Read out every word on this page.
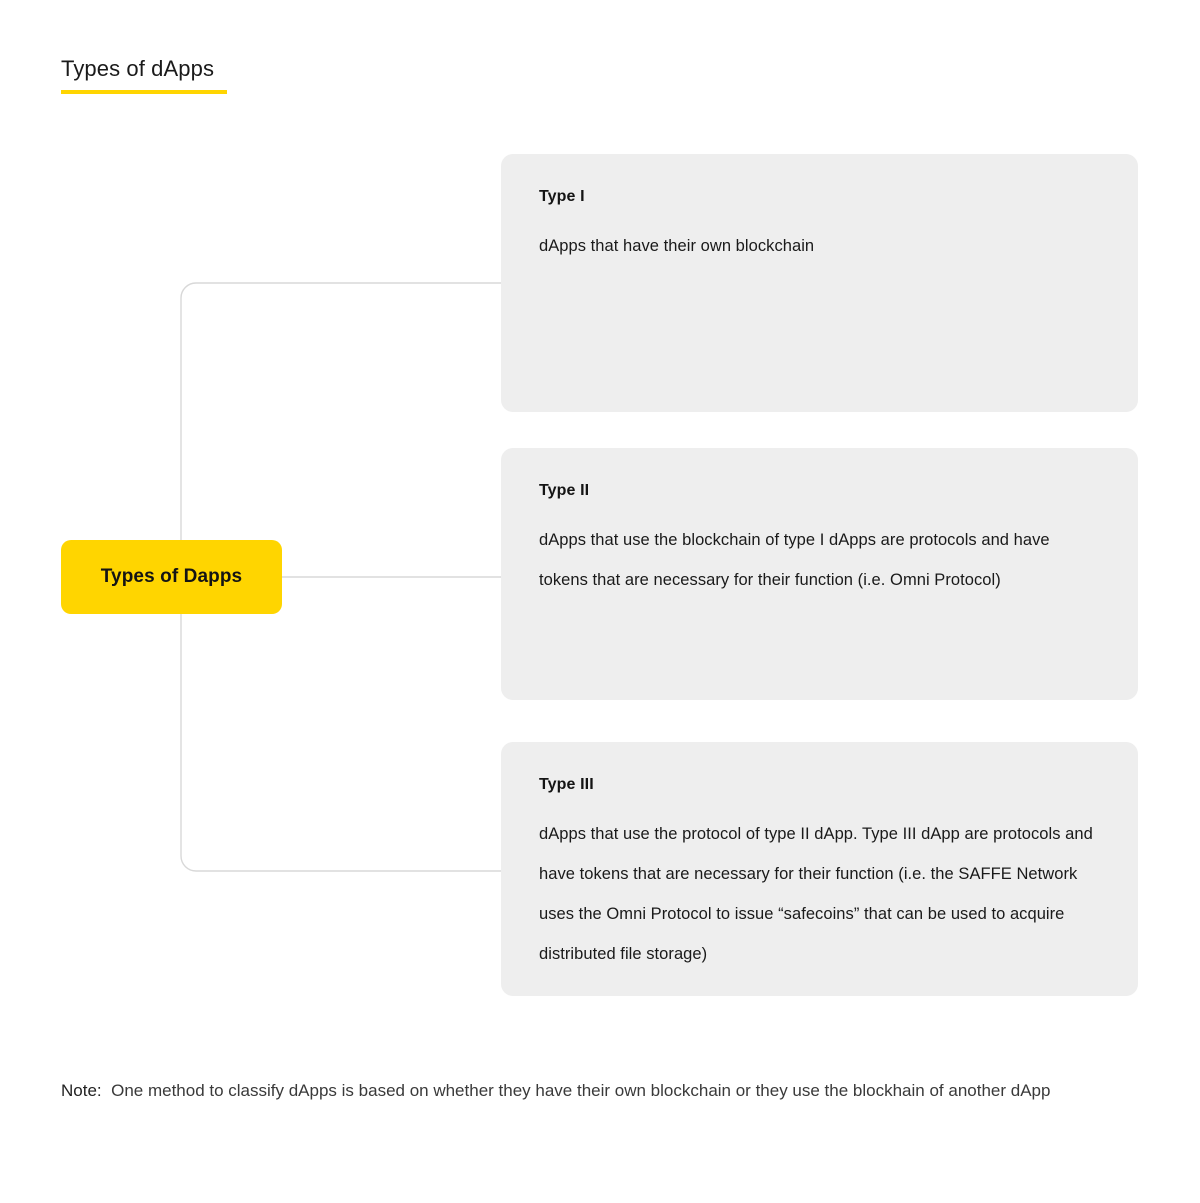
Types of dApps
Types of Dapps
Type I
dApps that have their own blockchain
Type II
dApps that use the blockchain of type I dApps are protocols and have tokens that are necessary for their function (i.e. Omni Protocol)
Type III
dApps that use the protocol of type II dApp. Type III dApp are protocols and have tokens that are necessary for their function (i.e. the SAFFE Network uses the Omni Protocol to issue “safecoins” that can be used to acquire distributed file storage)
Note: One method to classify dApps is based on whether they have their own blockchain or they use the blockhain of another dApp
